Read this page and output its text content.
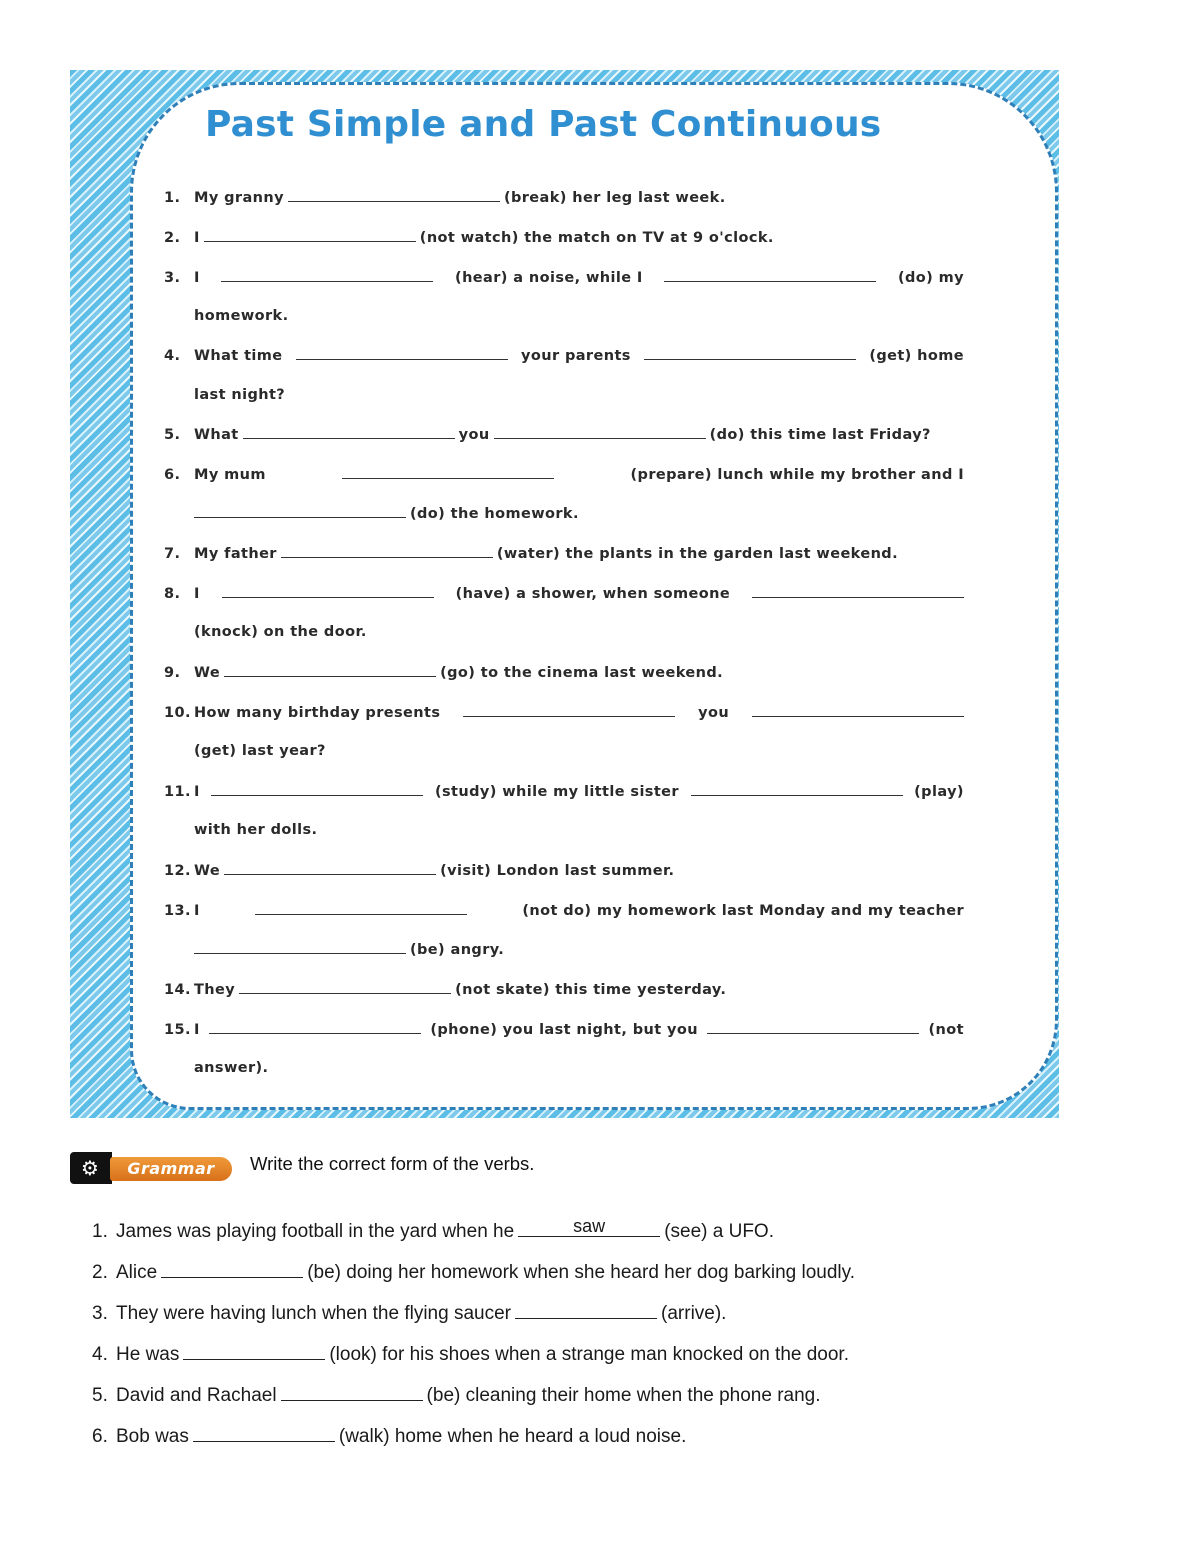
Past Simple and Past Continuous
1. My granny	(break) her leg last week.
2. I	(not watch) the match on TV at 9 o'clock.
3. I	(hear) a noise, while I	(do) my
homework.
4. What time	your parents	(get) home
last night?
5. What	you	(do) this time last Friday?
6. My mum	(prepare) lunch while my brother and I
(do) the homework.
7. My father	(water) the plants in the garden last weekend.
8. I	(have) a shower, when someone
(knock) on the door.
9. We	(go) to the cinema last weekend.
10. How many birthday presents	you
(get) last year?
11. I	(study) while my little sister	(play)
with her dolls.
12. We	(visit) London last summer.
13. I	(not do) my homework last Monday and my teacher
(be) angry.
14. They	(not skate) this time yesterday.
15. I	(phone) you last night, but you	(not
answer).
⚙	Grammar	Write the correct form of the verbs.
1. James was playing football in the yard when he	saw	(see) a UFO.
2. Alice	(be) doing her homework when she heard her dog barking loudly.
3. They were having lunch when the flying saucer	(arrive).
4. He was	(look) for his shoes when a strange man knocked on the door.
5. David and Rachael	(be) cleaning their home when the phone rang.
6. Bob was	(walk) home when he heard a loud noise.
